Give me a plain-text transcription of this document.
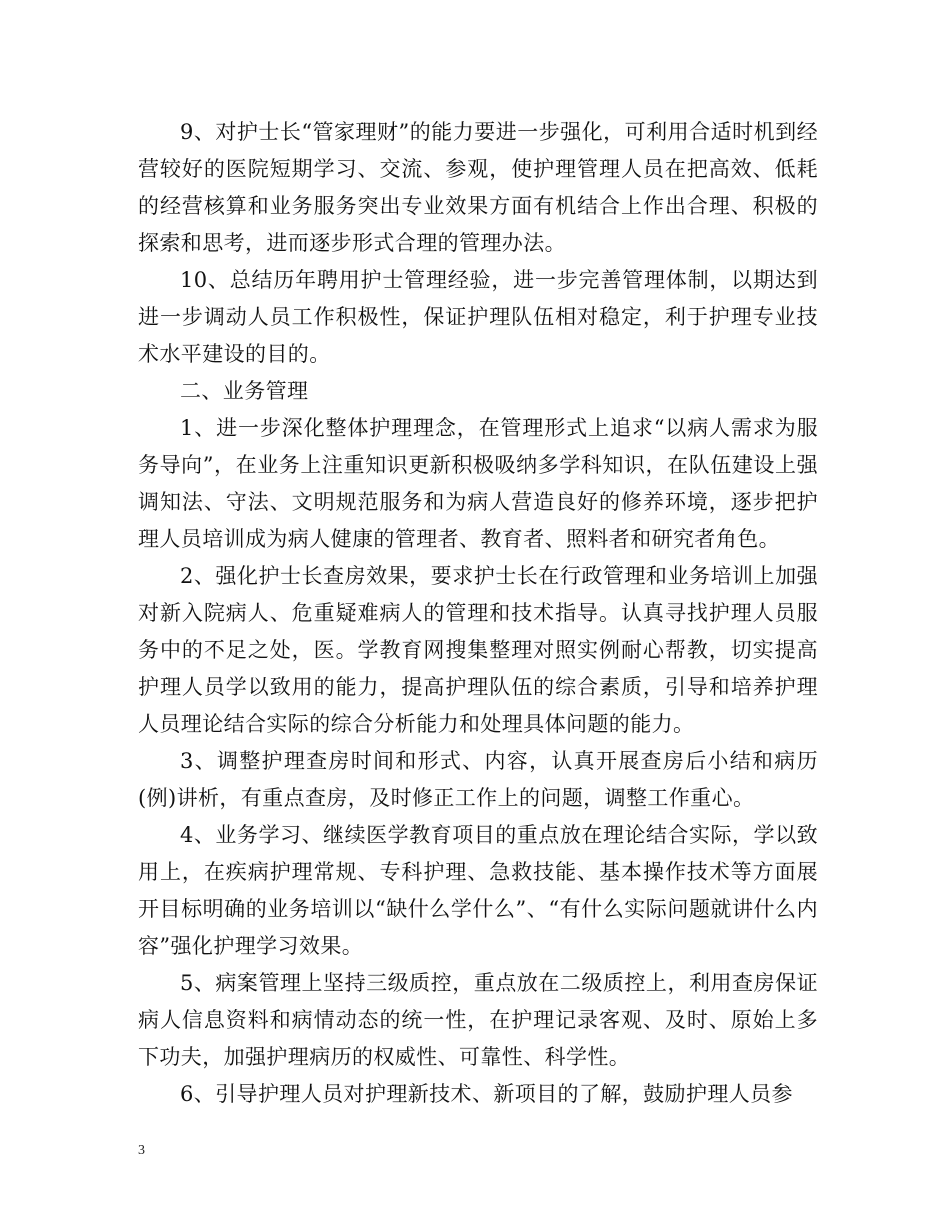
9、对护士长“管家理财”的能力要进一步强化，可利用合适时机到经营较好的医院短期学习、交流、参观，使护理管理人员在把高效、低耗的经营核算和业务服务突出专业效果方面有机结合上作出合理、积极的探索和思考，进而逐步形式合理的管理办法。

10、总结历年聘用护士管理经验，进一步完善管理体制，以期达到进一步调动人员工作积极性，保证护理队伍相对稳定，利于护理专业技术水平建设的目的。

二、业务管理

1、进一步深化整体护理理念，在管理形式上追求“以病人需求为服务导向”，在业务上注重知识更新积极吸纳多学科知识，在队伍建设上强调知法、守法、文明规范服务和为病人营造良好的修养环境，逐步把护理人员培训成为病人健康的管理者、教育者、照料者和研究者角色。

2、强化护士长查房效果，要求护士长在行政管理和业务培训上加强对新入院病人、危重疑难病人的管理和技术指导。认真寻找护理人员服务中的不足之处，医。学教育网搜集整理对照实例耐心帮教，切实提高护理人员学以致用的能力，提高护理队伍的综合素质，引导和培养护理人员理论结合实际的综合分析能力和处理具体问题的能力。

3、调整护理查房时间和形式、内容，认真开展查房后小结和病历(例)讲析，有重点查房，及时修正工作上的问题，调整工作重心。

4、业务学习、继续医学教育项目的重点放在理论结合实际，学以致用上，在疾病护理常规、专科护理、急救技能、基本操作技术等方面展开目标明确的业务培训以“缺什么学什么”、“有什么实际问题就讲什么内容”强化护理学习效果。

5、病案管理上坚持三级质控，重点放在二级质控上，利用查房保证病人信息资料和病情动态的统一性，在护理记录客观、及时、原始上多下功夫，加强护理病历的权威性、可靠性、科学性。

6、引导护理人员对护理新技术、新项目的了解，鼓励护理人员参

3
